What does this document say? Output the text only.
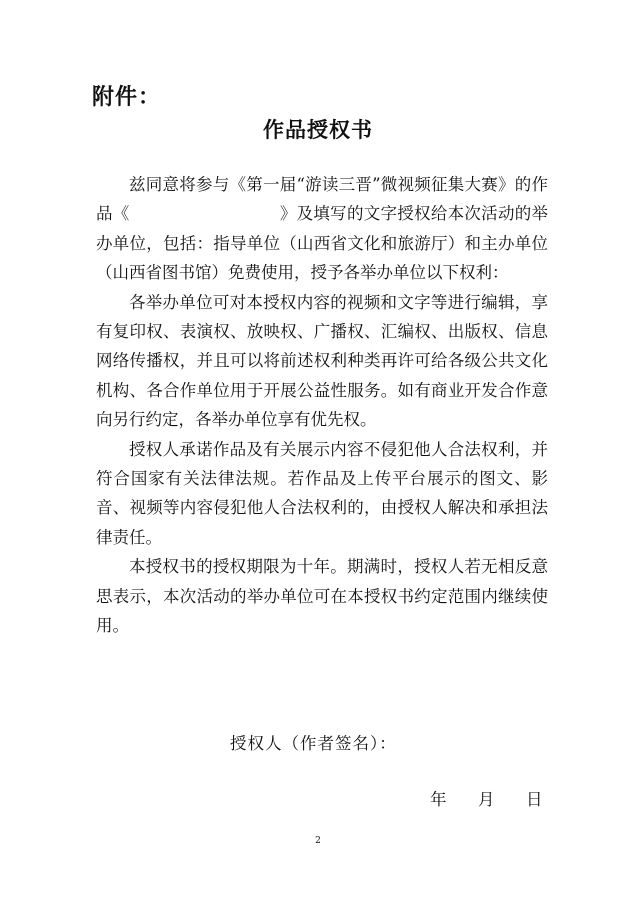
附件：
作品授权书

兹同意将参与《第一届“游读三晋”微视频征集大赛》的作品《	》及填写的文字授权给本次活动的举办单位，包括：指导单位（山西省文化和旅游厅）和主办单位（山西省图书馆）免费使用，授予各举办单位以下权利：

各举办单位可对本授权内容的视频和文字等进行编辑，享有复印权、表演权、放映权、广播权、汇编权、出版权、信息网络传播权，并且可以将前述权利种类再许可给各级公共文化机构、各合作单位用于开展公益性服务。如有商业开发合作意向另行约定，各举办单位享有优先权。

授权人承诺作品及有关展示内容不侵犯他人合法权利，并符合国家有关法律法规。若作品及上传平台展示的图文、影音、视频等内容侵犯他人合法权利的，由授权人解决和承担法律责任。

本授权书的授权期限为十年。期满时，授权人若无相反意思表示，本次活动的举办单位可在本授权书约定范围内继续使用。

授权人（作者签名）：
年 月 日
2
